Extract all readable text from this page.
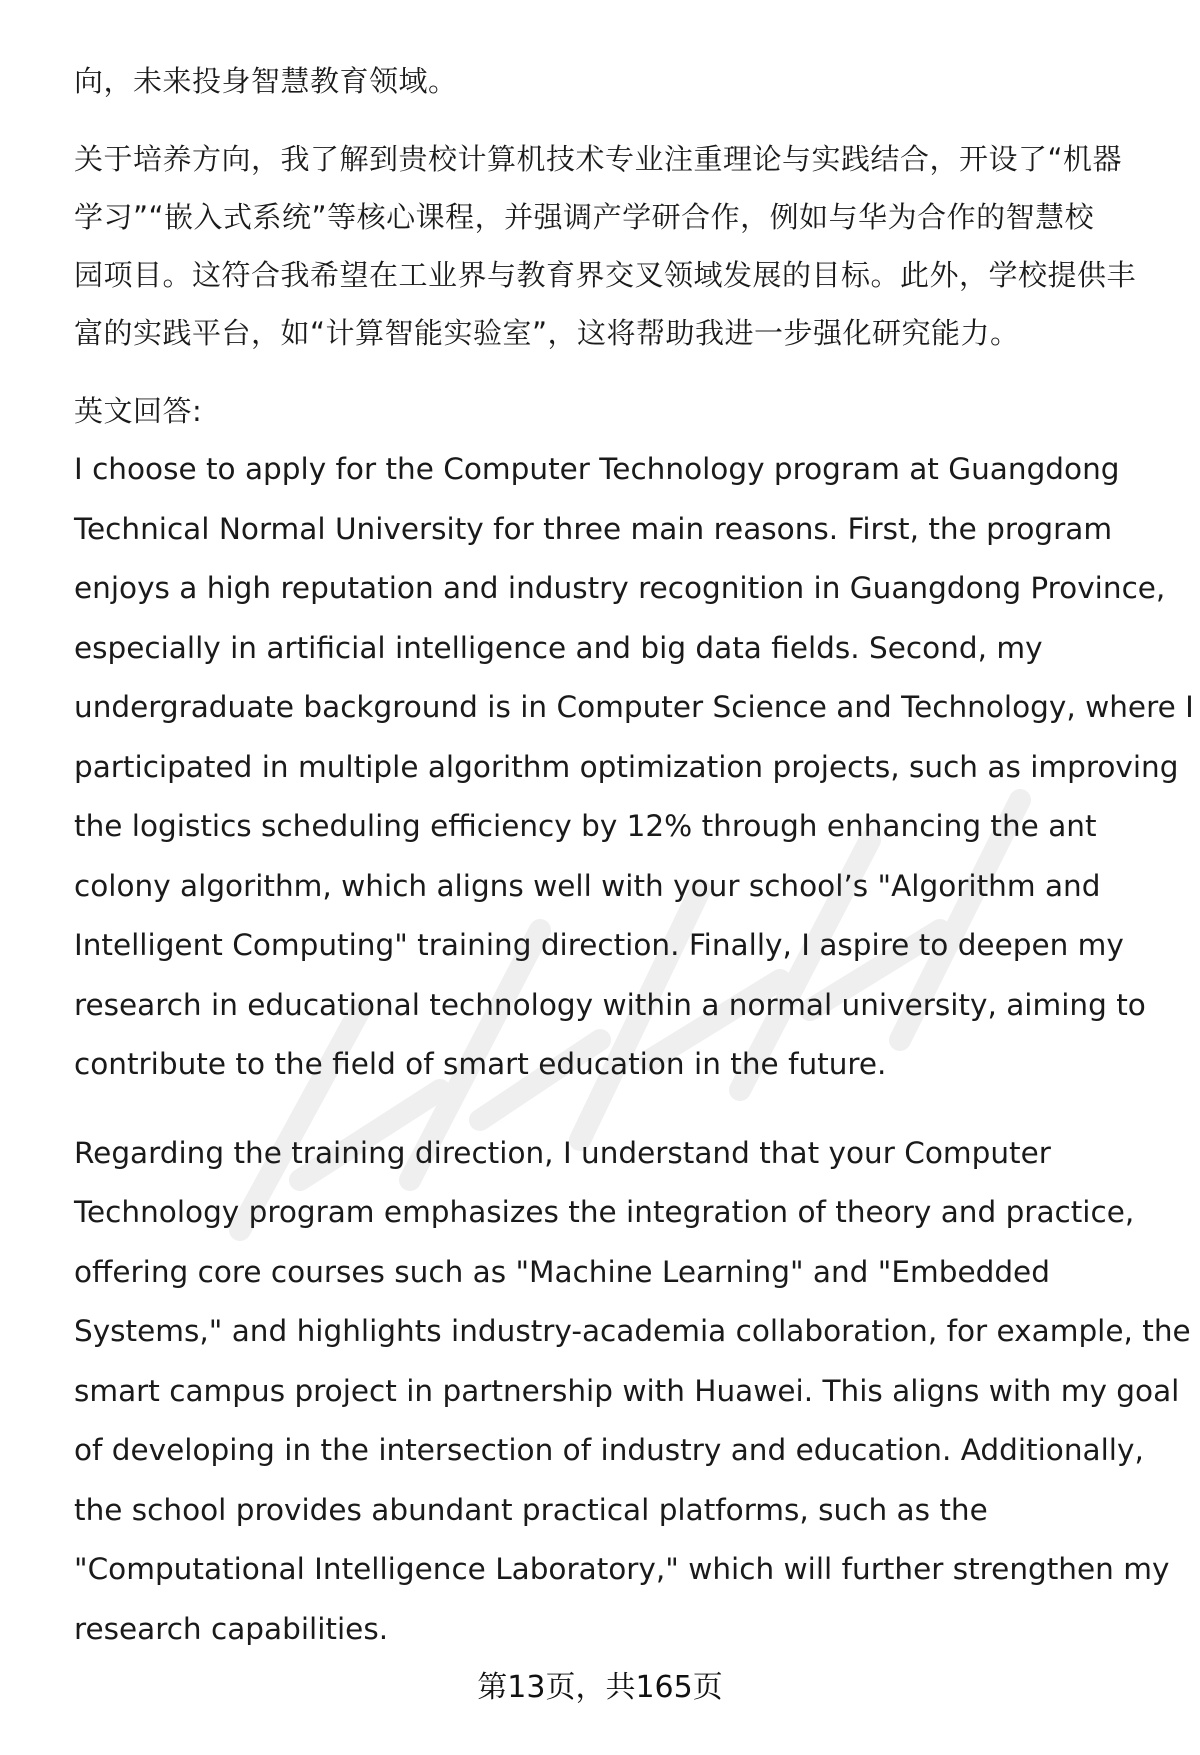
向，未来投身智慧教育领域。
关于培养方向，我了解到贵校计算机技术专业注重理论与实践结合，开设了“机器
学习”“嵌入式系统”等核心课程，并强调产学研合作，例如与华为合作的智慧校
园项目。这符合我希望在工业界与教育界交叉领域发展的目标。此外，学校提供丰
富的实践平台，如“计算智能实验室”，这将帮助我进一步强化研究能力。
英文回答:
I choose to apply for the Computer Technology program at Guangdong
Technical Normal University for three main reasons. First, the program
enjoys a high reputation and industry recognition in Guangdong Province,
especially in artificial intelligence and big data fields. Second, my
undergraduate background is in Computer Science and Technology, where I
participated in multiple algorithm optimization projects, such as improving
the logistics scheduling efficiency by 12% through enhancing the ant
colony algorithm, which aligns well with your school’s "Algorithm and
Intelligent Computing" training direction. Finally, I aspire to deepen my
research in educational technology within a normal university, aiming to
contribute to the field of smart education in the future.
Regarding the training direction, I understand that your Computer
Technology program emphasizes the integration of theory and practice,
offering core courses such as "Machine Learning" and "Embedded
Systems," and highlights industry-academia collaboration, for example, the
smart campus project in partnership with Huawei. This aligns with my goal
of developing in the intersection of industry and education. Additionally,
the school provides abundant practical platforms, such as the
"Computational Intelligence Laboratory," which will further strengthen my
research capabilities.
第13页，共165页
